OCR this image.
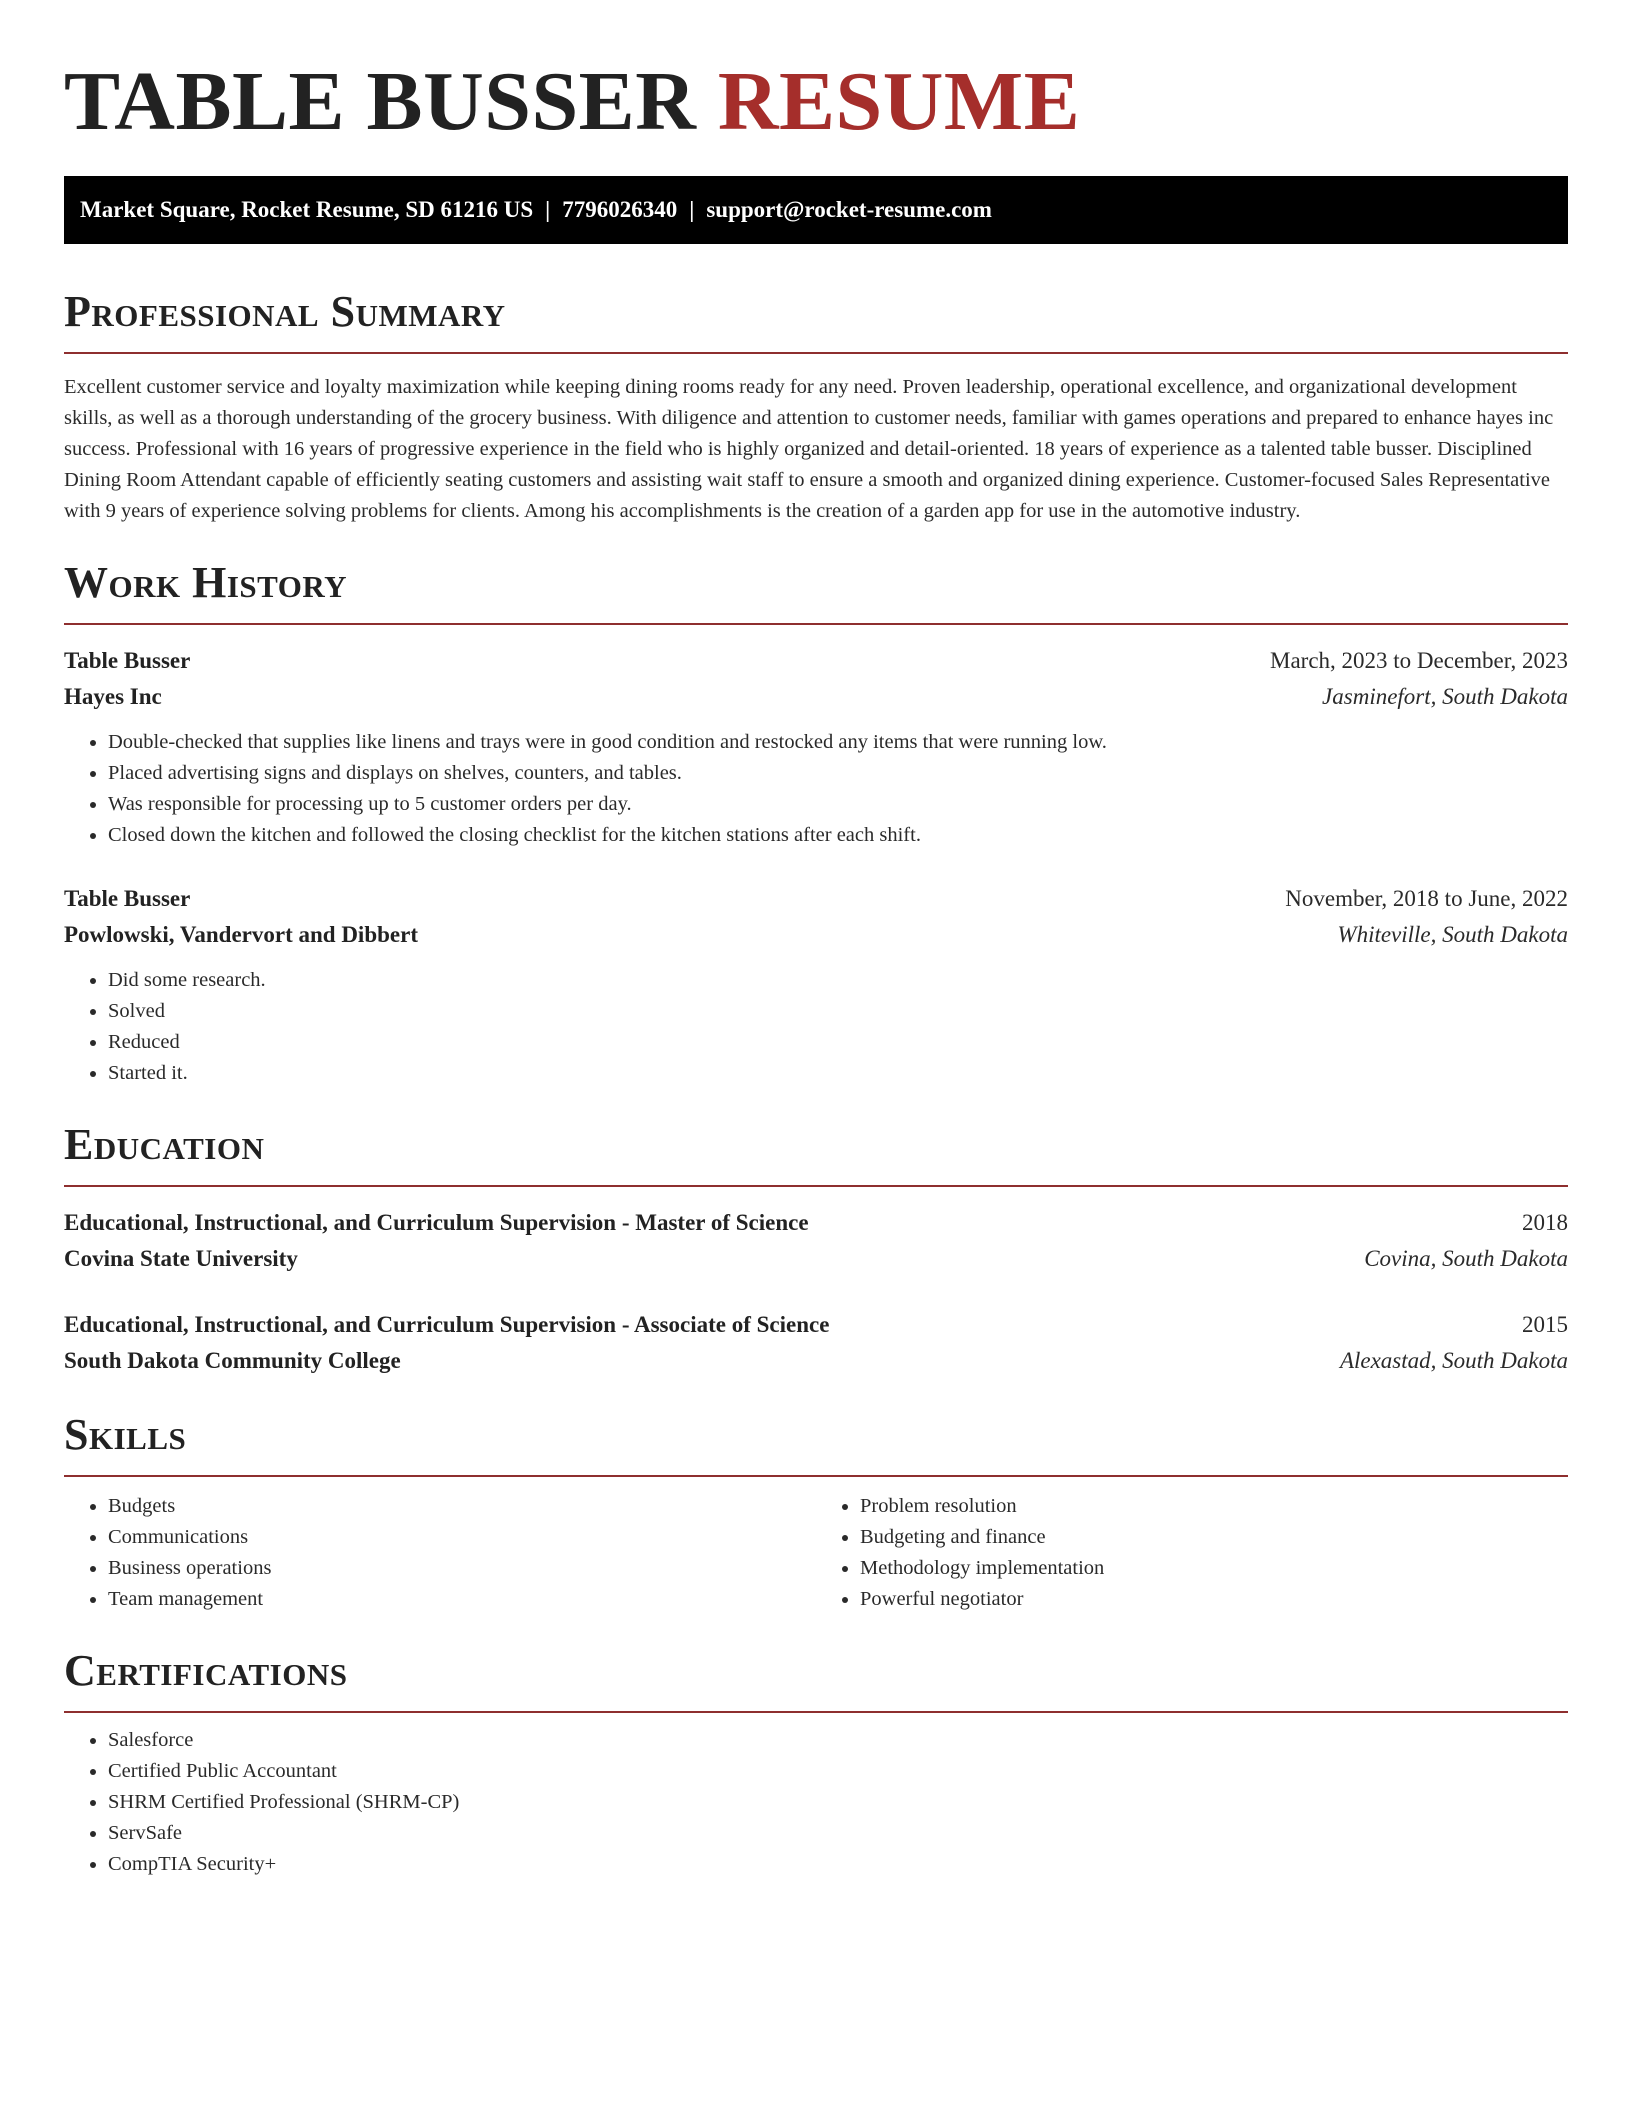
TABLE BUSSER RESUME
Market Square, Rocket Resume, SD 61216 US | 7796026340 | support@rocket-resume.com
Professional Summary

Excellent customer service and loyalty maximization while keeping dining rooms ready for any need. Proven leadership, operational excellence, and organizational development skills, as well as a thorough understanding of the grocery business. With diligence and attention to customer needs, familiar with games operations and prepared to enhance hayes inc success. Professional with 16 years of progressive experience in the field who is highly organized and detail-oriented. 18 years of experience as a talented table busser. Disciplined Dining Room Attendant capable of efficiently seating customers and assisting wait staff to ensure a smooth and organized dining experience. Customer-focused Sales Representative with 9 years of experience solving problems for clients. Among his accomplishments is the creation of a garden app for use in the automotive industry.

Work History
Table Busser	March, 2023 to December, 2023
Hayes Inc	Jasminefort, South Dakota
• Double-checked that supplies like linens and trays were in good condition and restocked any items that were running low.
• Placed advertising signs and displays on shelves, counters, and tables.
• Was responsible for processing up to 5 customer orders per day.
• Closed down the kitchen and followed the closing checklist for the kitchen stations after each shift.
Table Busser	November, 2018 to June, 2022
Powlowski, Vandervort and Dibbert	Whiteville, South Dakota
• Did some research.
• Solved
• Reduced
• Started it.
Education
Educational, Instructional, and Curriculum Supervision - Master of Science	2018
Covina State University	Covina, South Dakota
Educational, Instructional, and Curriculum Supervision - Associate of Science	2015
South Dakota Community College	Alexastad, South Dakota
Skills
• Budgets
• Communications
• Business operations
• Team management
• Problem resolution
• Budgeting and finance
• Methodology implementation
• Powerful negotiator
Certifications
• Salesforce
• Certified Public Accountant
• SHRM Certified Professional (SHRM-CP)
• ServSafe
• CompTIA Security+
